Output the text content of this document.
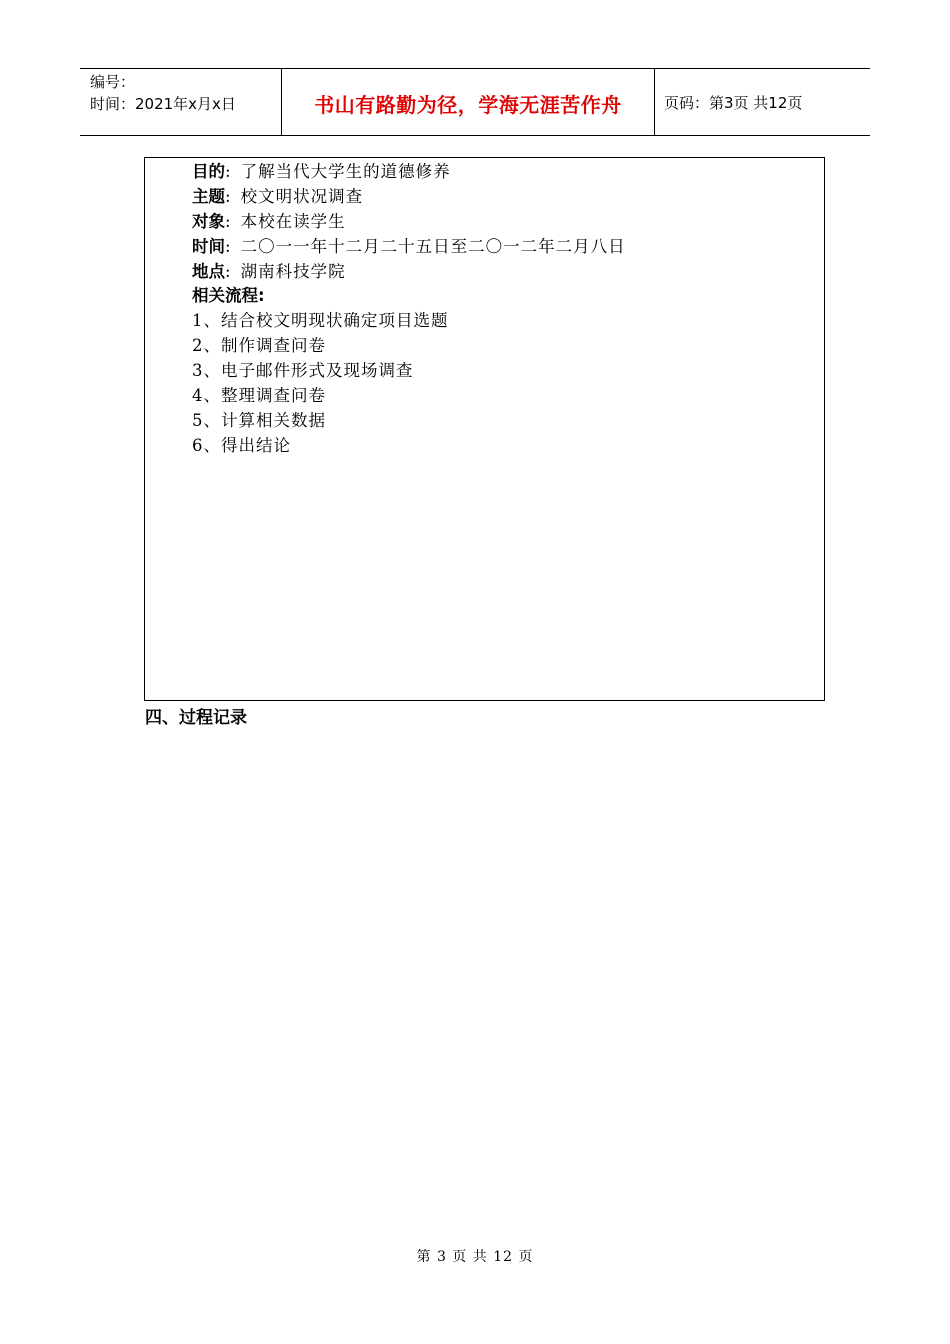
编号：
时间：2021年x月x日	书山有路勤为径，学海无涯苦作舟	页码：第3页 共12页
目的: 了解当代大学生的道德修养
主题: 校文明状况调查
对象: 本校在读学生
时间: 二〇一一年十二月二十五日至二〇一二年二月八日
地点: 湖南科技学院
相关流程:
1、结合校文明现状确定项目选题
2、制作调查问卷
3、电子邮件形式及现场调查
4、整理调查问卷
5、计算相关数据
6、得出结论
四、过程记录
第 3 页 共 12 页
